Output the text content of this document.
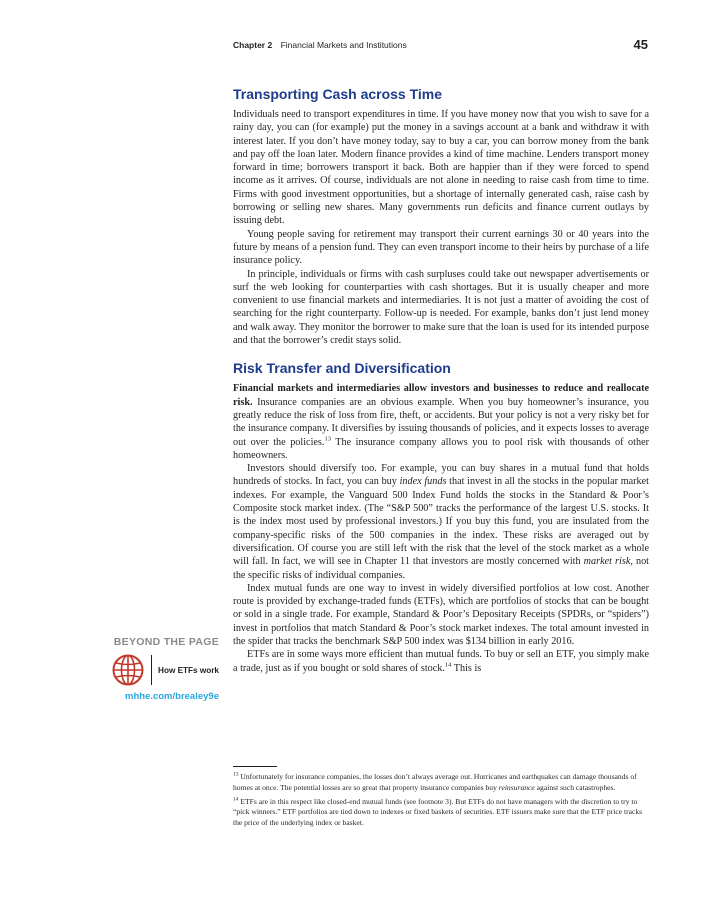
Chapter 2 Financial Markets and Institutions	45
Transporting Cash across Time

Individuals need to transport expenditures in time. If you have money now that you wish to save for a rainy day, you can (for example) put the money in a savings account at a bank and withdraw it with interest later. If you don’t have money today, say to buy a car, you can borrow money from the bank and pay off the loan later. Modern finance provides a kind of time machine. Lenders transport money forward in time; borrowers transport it back. Both are happier than if they were forced to spend income as it arrives. Of course, individuals are not alone in needing to raise cash from time to time. Firms with good investment opportunities, but a shortage of internally generated cash, raise cash by borrowing or selling new shares. Many governments run deficits and finance current outlays by issuing debt.

Young people saving for retirement may transport their current earnings 30 or 40 years into the future by means of a pension fund. They can even transport income to their heirs by purchase of a life insurance policy.

In principle, individuals or firms with cash surpluses could take out newspaper advertisements or surf the web looking for counterparties with cash shortages. But it is usually cheaper and more convenient to use financial markets and intermediaries. It is not just a matter of avoiding the cost of searching for the right counterparty. Follow-up is needed. For example, banks don’t just lend money and walk away. They monitor the borrower to make sure that the loan is used for its intended purpose and that the borrower’s credit stays solid.

Risk Transfer and Diversification

Financial markets and intermediaries allow investors and businesses to reduce and reallocate risk. Insurance companies are an obvious example. When you buy homeowner’s insurance, you greatly reduce the risk of loss from fire, theft, or accidents. But your policy is not a very risky bet for the insurance company. It diversifies by issuing thousands of policies, and it expects losses to average out over the policies.$^{13}$ The insurance company allows you to pool risk with thousands of other homeowners.

Investors should diversify too. For example, you can buy shares in a mutual fund that holds hundreds of stocks. In fact, you can buy index funds that invest in all the stocks in the popular market indexes. For example, the Vanguard 500 Index Fund holds the stocks in the Standard & Poor’s Composite stock market index. (The “S&P 500” tracks the performance of the largest U.S. stocks. It is the index most used by professional investors.) If you buy this fund, you are insulated from the company-specific risks of the 500 companies in the index. These risks are averaged out by diversification. Of course you are still left with the risk that the level of the stock market as a whole will fall. In fact, we will see in Chapter 11 that investors are mostly concerned with market risk, not the specific risks of individual companies.

Index mutual funds are one way to invest in widely diversified portfolios at low cost. Another route is provided by exchange-traded funds (ETFs), which are portfolios of stocks that can be bought or sold in a single trade. For example, Standard & Poor’s Depositary Receipts (SPDRs, or “spiders”) invest in portfolios that match Standard & Poor’s stock market indexes. The total amount invested in the spider that tracks the benchmark S&P 500 index was $134 billion in early 2016.

ETFs are in some ways more efficient than mutual funds. To buy or sell an ETF, you simply make a trade, just as if you bought or sold shares of stock.$^{14}$ This is

BEYOND THE PAGE
How ETFs work
mhhe.com/brealey9e
$^{13}$ Unfortunately for insurance companies, the losses don’t always average out. Hurricanes and earthquakes can damage thousands of homes at once. The potential losses are so great that property insurance companies buy reinsurance against such catastrophes.
$^{14}$ ETFs are in this respect like closed-end mutual funds (see footnote 3). But ETFs do not have managers with the discretion to try to “pick winners.” ETF portfolios are tied down to indexes or fixed baskets of securities. ETF issuers make sure that the ETF price tracks the price of the underlying index or basket.
